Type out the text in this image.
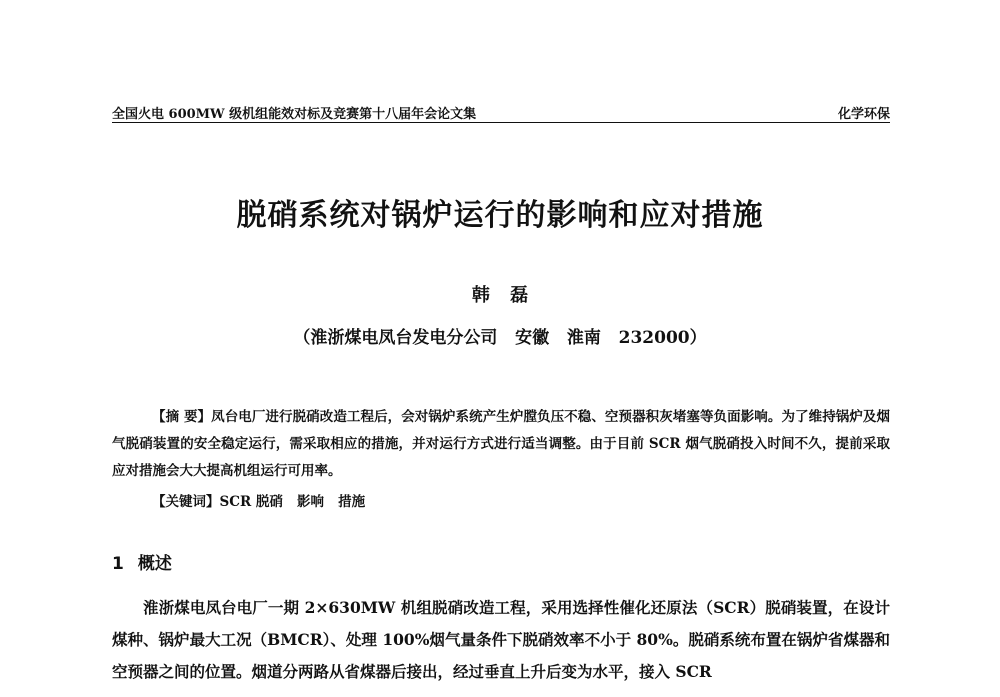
全国火电 600MW 级机组能效对标及竞赛第十八届年会论文集	化学环保
脱硝系统对锅炉运行的影响和应对措施
韩 磊
（淮浙煤电凤台发电分公司   安徽   淮南   232000）
【摘 要】凤台电厂进行脱硝改造工程后，会对锅炉系统产生炉膛负压不稳、空预器积灰堵塞等负面影响。为了维持锅炉及烟气脱硝装置的安全稳定运行，需采取相应的措施，并对运行方式进行适当调整。由于目前 SCR 烟气脱硝投入时间不久，提前采取应对措施会大大提高机组运行可用率。
【关键词】SCR 脱硝   影响   措施
1 概述

淮浙煤电凤台电厂一期 2×630MW 机组脱硝改造工程，采用选择性催化还原法（SCR）脱硝装置，在设计煤种、锅炉最大工况（BMCR）、处理 100%烟气量条件下脱硝效率不小于 80%。脱硝系统布置在锅炉省煤器和空预器之间的位置。烟道分两路从省煤器后接出，经过垂直上升后变为水平，接入 SCR
